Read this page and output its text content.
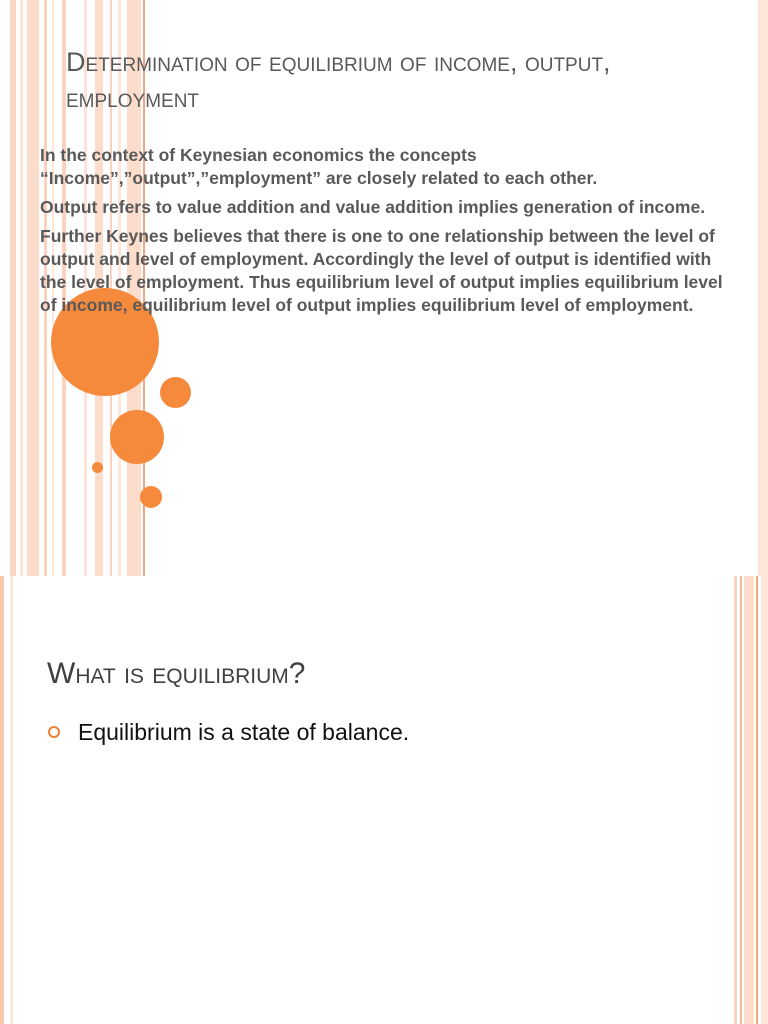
Determination of equilibrium of income, output, employment

In the context of Keynesian economics the concepts “Income”,”output”,”employment” are closely related to each other.

Output refers to value addition and value addition implies generation of income.

Further Keynes believes that there is one to one relationship between the level of output and level of employment. Accordingly the level of output is identified with the level of employment. Thus equilibrium level of output implies equilibrium level of income, equilibrium level of output implies equilibrium level of employment.

What is equilibrium?
Equilibrium is a state of balance.
